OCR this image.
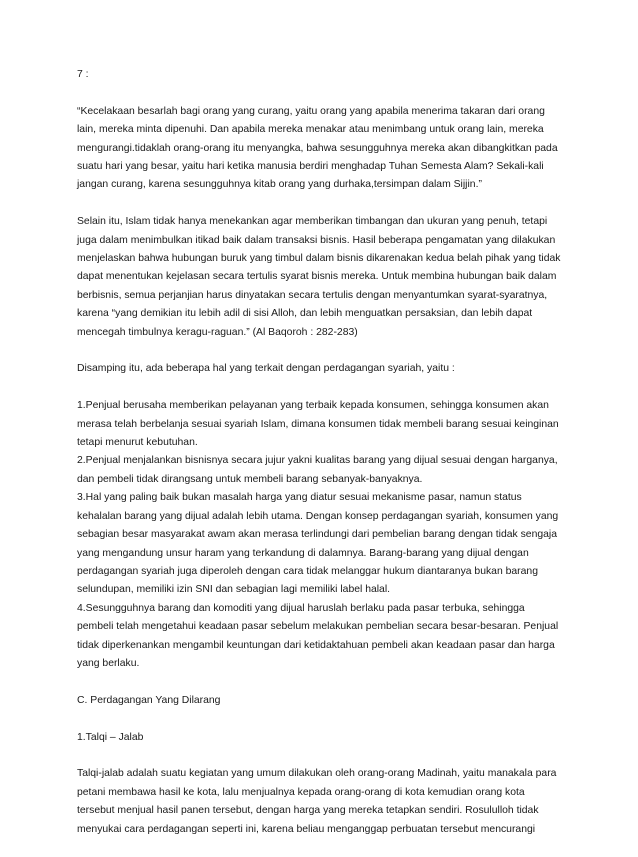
7 :
“Kecelakaan besarlah bagi orang yang curang, yaitu orang yang apabila menerima takaran dari orang
lain, mereka minta dipenuhi. Dan apabila mereka menakar atau menimbang untuk orang lain, mereka
mengurangi.tidaklah orang-orang itu menyangka, bahwa sesungguhnya mereka akan dibangkitkan pada
suatu hari yang besar, yaitu hari ketika manusia berdiri menghadap Tuhan Semesta Alam? Sekali-kali
jangan curang, karena sesungguhnya kitab orang yang durhaka,tersimpan dalam Sijjin.”
Selain itu, Islam tidak hanya menekankan agar memberikan timbangan dan ukuran yang penuh, tetapi
juga dalam menimbulkan itikad baik dalam transaksi bisnis. Hasil beberapa pengamatan yang dilakukan
menjelaskan bahwa hubungan buruk yang timbul dalam bisnis dikarenakan kedua belah pihak yang tidak
dapat menentukan kejelasan secara tertulis syarat bisnis mereka. Untuk membina hubungan baik dalam
berbisnis, semua perjanjian harus dinyatakan secara tertulis dengan menyantumkan syarat-syaratnya,
karena “yang demikian itu lebih adil di sisi Alloh, dan lebih menguatkan persaksian, dan lebih dapat
mencegah timbulnya keragu-raguan.” (Al Baqoroh : 282-283)
Disamping itu, ada beberapa hal yang terkait dengan perdagangan syariah, yaitu :
1.Penjual berusaha memberikan pelayanan yang terbaik kepada konsumen, sehingga konsumen akan
merasa telah berbelanja sesuai syariah Islam, dimana konsumen tidak membeli barang sesuai keinginan
tetapi menurut kebutuhan.
2.Penjual menjalankan bisnisnya secara jujur yakni kualitas barang yang dijual sesuai dengan harganya,
dan pembeli tidak dirangsang untuk membeli barang sebanyak-banyaknya.
3.Hal yang paling baik bukan masalah harga yang diatur sesuai mekanisme pasar, namun status
kehalalan barang yang dijual adalah lebih utama. Dengan konsep perdagangan syariah, konsumen yang
sebagian besar masyarakat awam akan merasa terlindungi dari pembelian barang dengan tidak sengaja
yang mengandung unsur haram yang terkandung di dalamnya. Barang-barang yang dijual dengan
perdagangan syariah juga diperoleh dengan cara tidak melanggar hukum diantaranya bukan barang
selundupan, memiliki izin SNI dan sebagian lagi memiliki label halal.
4.Sesungguhnya barang dan komoditi yang dijual haruslah berlaku pada pasar terbuka, sehingga
pembeli telah mengetahui keadaan pasar sebelum melakukan pembelian secara besar-besaran. Penjual
tidak diperkenankan mengambil keuntungan dari ketidaktahuan pembeli akan keadaan pasar dan harga
yang berlaku.
C. Perdagangan Yang Dilarang
1.Talqi – Jalab
Talqi-jalab adalah suatu kegiatan yang umum dilakukan oleh orang-orang Madinah, yaitu manakala para
petani membawa hasil ke kota, lalu menjualnya kepada orang-orang di kota kemudian orang kota
tersebut menjual hasil panen tersebut, dengan harga yang mereka tetapkan sendiri. Rosululloh tidak
menyukai cara perdagangan seperti ini, karena beliau menganggap perbuatan tersebut mencurangi
